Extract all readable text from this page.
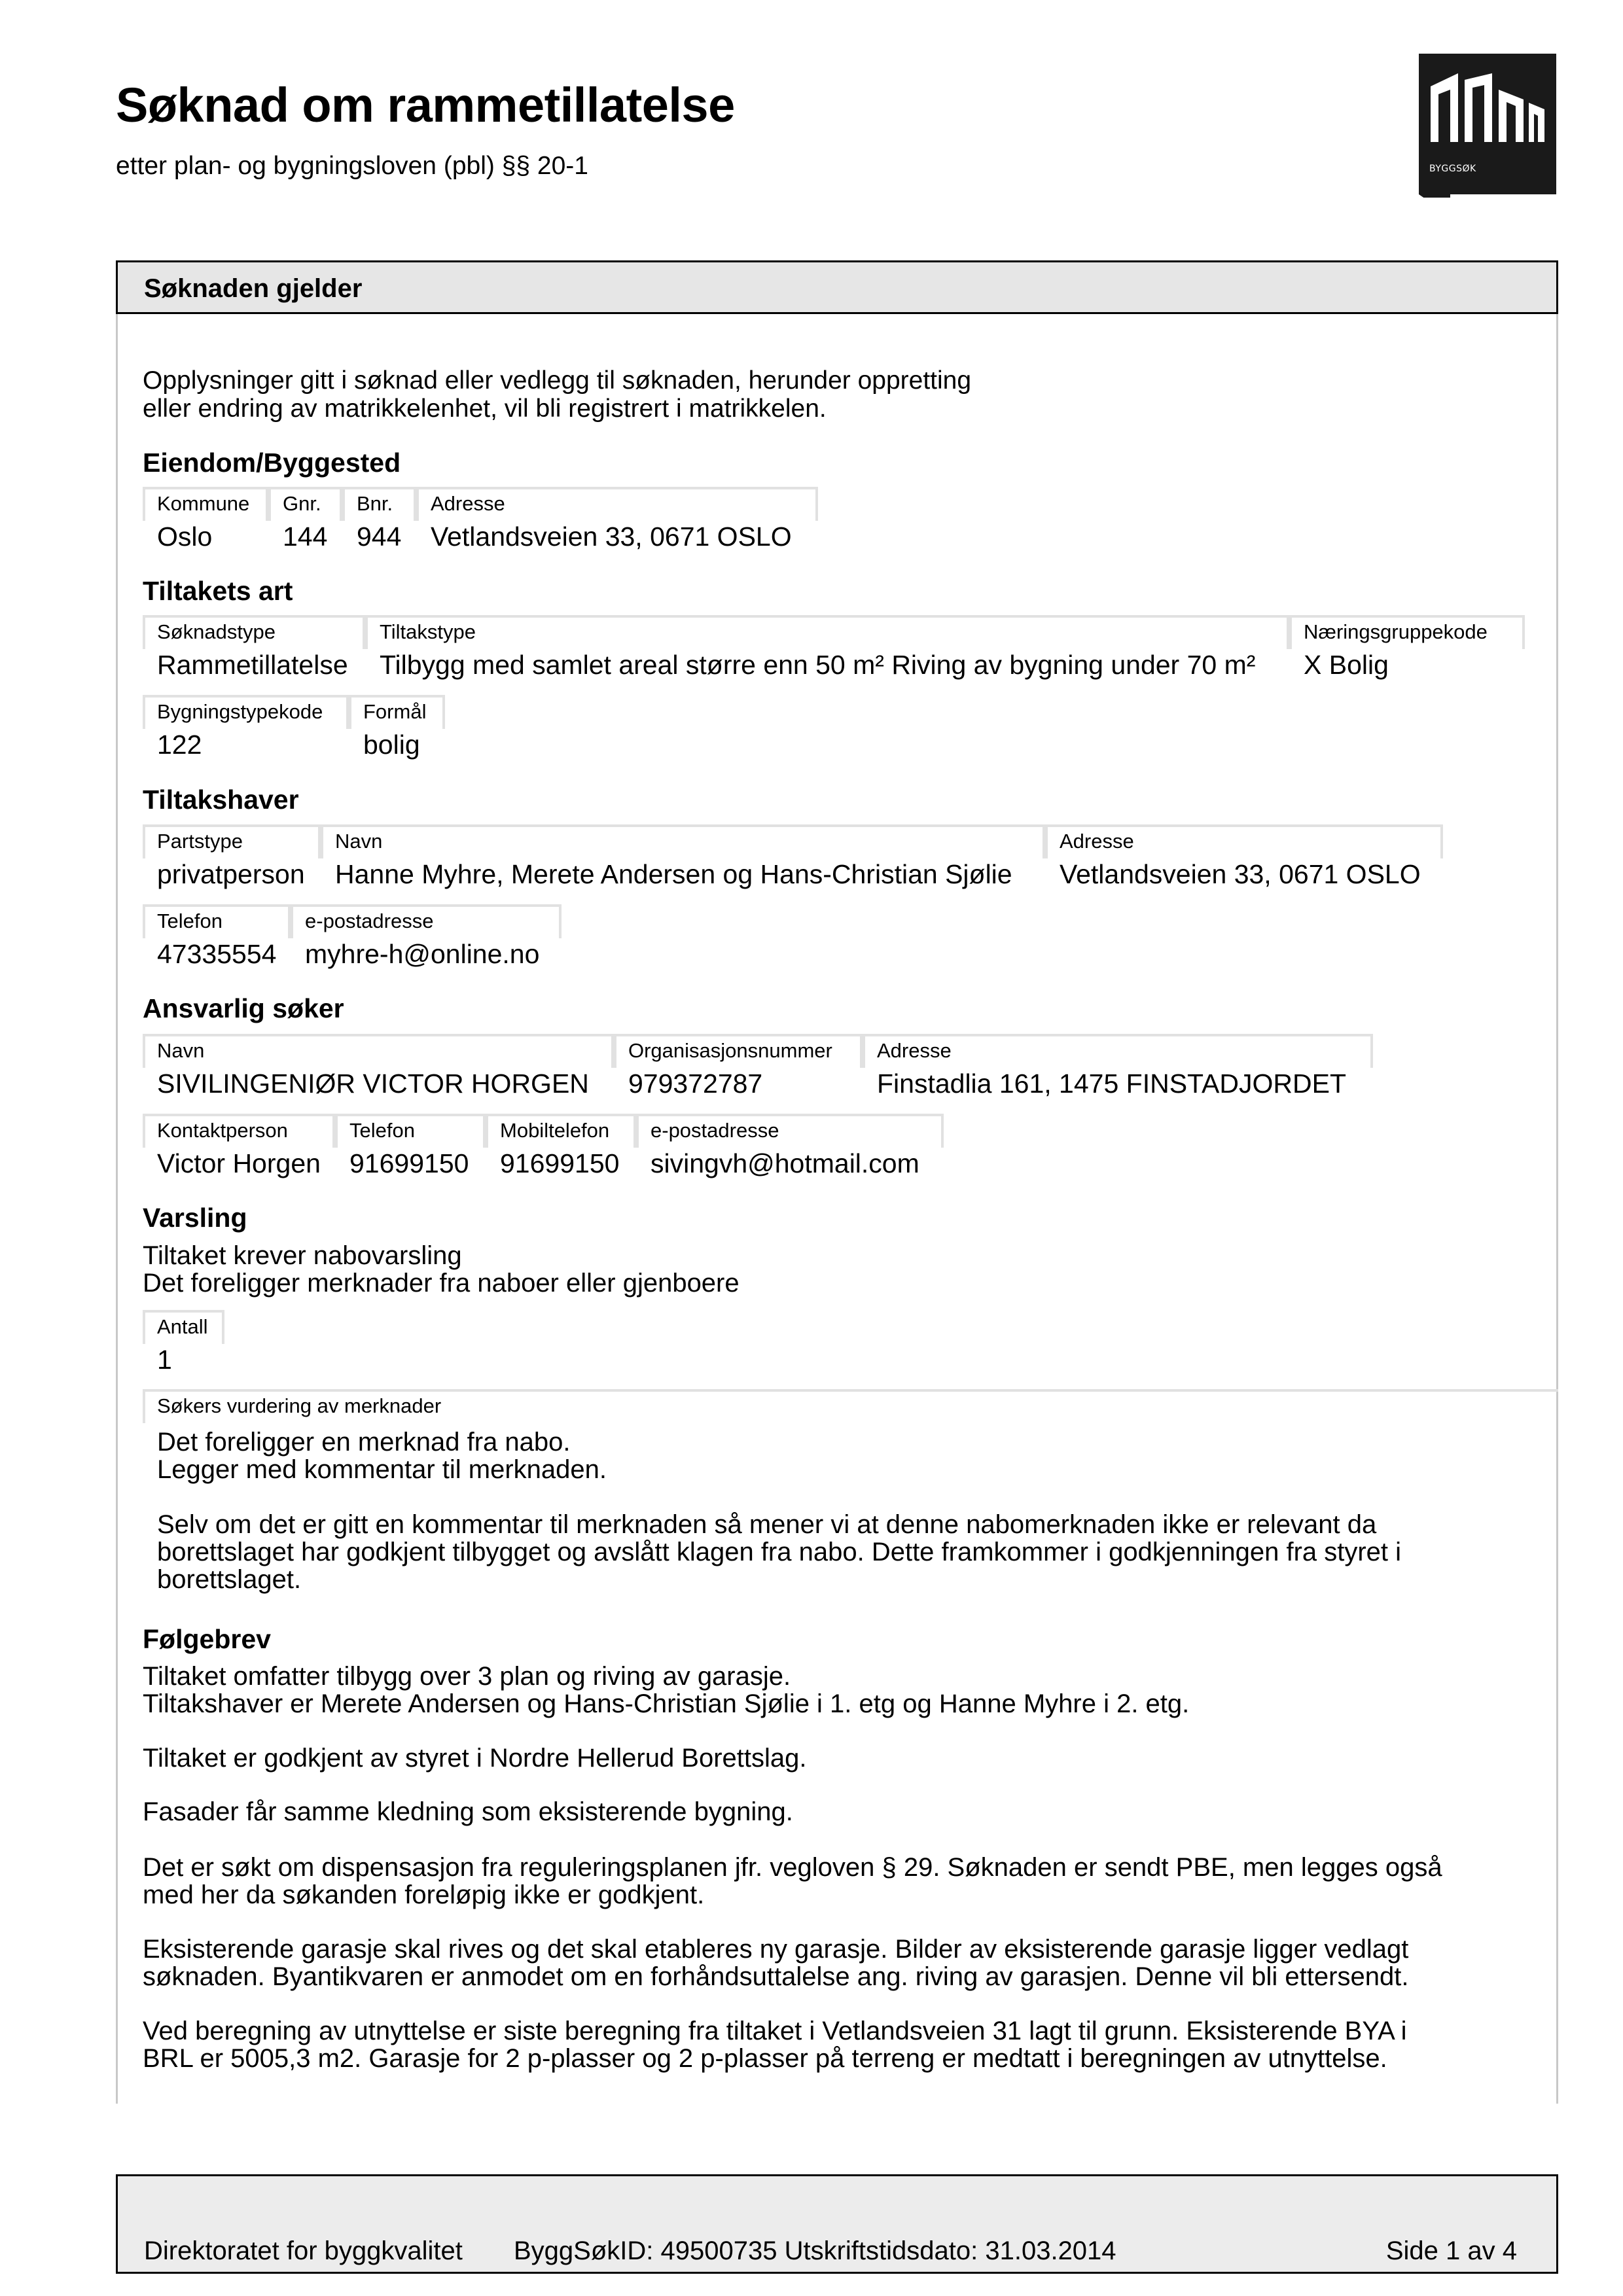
Søknad om rammetillatelse
etter plan- og bygningsloven (pbl) §§ 20-1	BYGGSØK
Søknaden gjelder
Opplysninger gitt i søknad eller vedlegg til søknaden, herunder oppretting
eller endring av matrikkelenhet, vil bli registrert i matrikkelen.
Eiendom/Byggested
Kommune
Oslo
Gnr.
144
Bnr.
944
Adresse
Vetlandsveien 33, 0671 OSLO
Tiltakets art
Søknadstype
Rammetillatelse
Tiltakstype
Tilbygg med samlet areal større enn 50 m² Riving av bygning under 70 m²
Næringsgruppekode
X Bolig
Bygningstypekode
122
Formål
bolig
Tiltakshaver
Partstype
privatperson
Navn
Hanne Myhre, Merete Andersen og Hans-Christian Sjølie
Adresse
Vetlandsveien 33, 0671 OSLO
Telefon
47335554
e-postadresse
myhre-h@online.no
Ansvarlig søker
Navn
SIVILINGENIØR VICTOR HORGEN
Organisasjonsnummer
979372787
Adresse
Finstadlia 161, 1475 FINSTADJORDET
Kontaktperson
Victor Horgen
Telefon
91699150
Mobiltelefon
91699150
e-postadresse
sivingvh@hotmail.com
Varsling
Tiltaket krever nabovarsling
Det foreligger merknader fra naboer eller gjenboere
Antall
1
Søkers vurdering av merknader
Det foreligger en merknad fra nabo.
Legger med kommentar til merknaden.
Selv om det er gitt en kommentar til merknaden så mener vi at denne nabomerknaden ikke er relevant da
borettslaget har godkjent tilbygget og avslått klagen fra nabo. Dette framkommer i godkjenningen fra styret i
borettslaget.
Følgebrev
Tiltaket omfatter tilbygg over 3 plan og riving av garasje.
Tiltakshaver er Merete Andersen og Hans-Christian Sjølie i 1. etg og Hanne Myhre i 2. etg.
Tiltaket er godkjent av styret i Nordre Hellerud Borettslag.
Fasader får samme kledning som eksisterende bygning.
Det er søkt om dispensasjon fra reguleringsplanen jfr. vegloven § 29. Søknaden er sendt PBE, men legges også
med her da søkanden foreløpig ikke er godkjent.
Eksisterende garasje skal rives og det skal etableres ny garasje. Bilder av eksisterende garasje ligger vedlagt
søknaden. Byantikvaren er anmodet om en forhåndsuttalelse ang. riving av garasjen. Denne vil bli ettersendt.
Ved beregning av utnyttelse er siste beregning fra tiltaket i Vetlandsveien 31 lagt til grunn. Eksisterende BYA i
BRL er 5005,3 m2. Garasje for 2 p-plasser og 2 p-plasser på terreng er medtatt i beregningen av utnyttelse.
Direktoratet for byggkvalitet ByggSøkID: 49500735 Utskriftstidsdato: 31.03.2014	Side 1 av 4
